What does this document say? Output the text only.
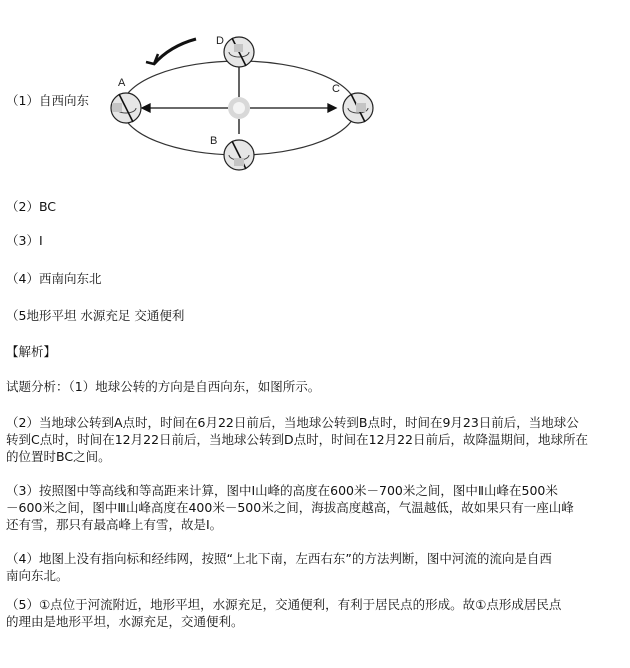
（1）自西向东
（2）BC
（3）Ⅰ
（4）西南向东北
（5地形平坦 水源充足 交通便利
A
B
C
D
【解析】
试题分析：（1）地球公转的方向是自西向东，如图所示。
（2）当地球公转到A点时，时间在6月22日前后，当地球公转到B点时，时间在9月23日前后，当地球公
转到C点时，时间在12月22日前后，当地球公转到D点时，时间在12月22日前后，故降温期间，地球所在
的位置时BC之间。
（3）按照图中等高线和等高距来计算，图中Ⅰ山峰的高度在600米－700米之间，图中Ⅱ山峰在500米
－600米之间，图中Ⅲ山峰高度在400米－500米之间，海拔高度越高，气温越低，故如果只有一座山峰
还有雪，那只有最高峰上有雪，故是Ⅰ。
（4）地图上没有指向标和经纬网，按照“上北下南，左西右东”的方法判断，图中河流的流向是自西
南向东北。
（5）①点位于河流附近，地形平坦，水源充足，交通便利，有利于居民点的形成。故①点形成居民点
的理由是地形平坦，水源充足，交通便利。
